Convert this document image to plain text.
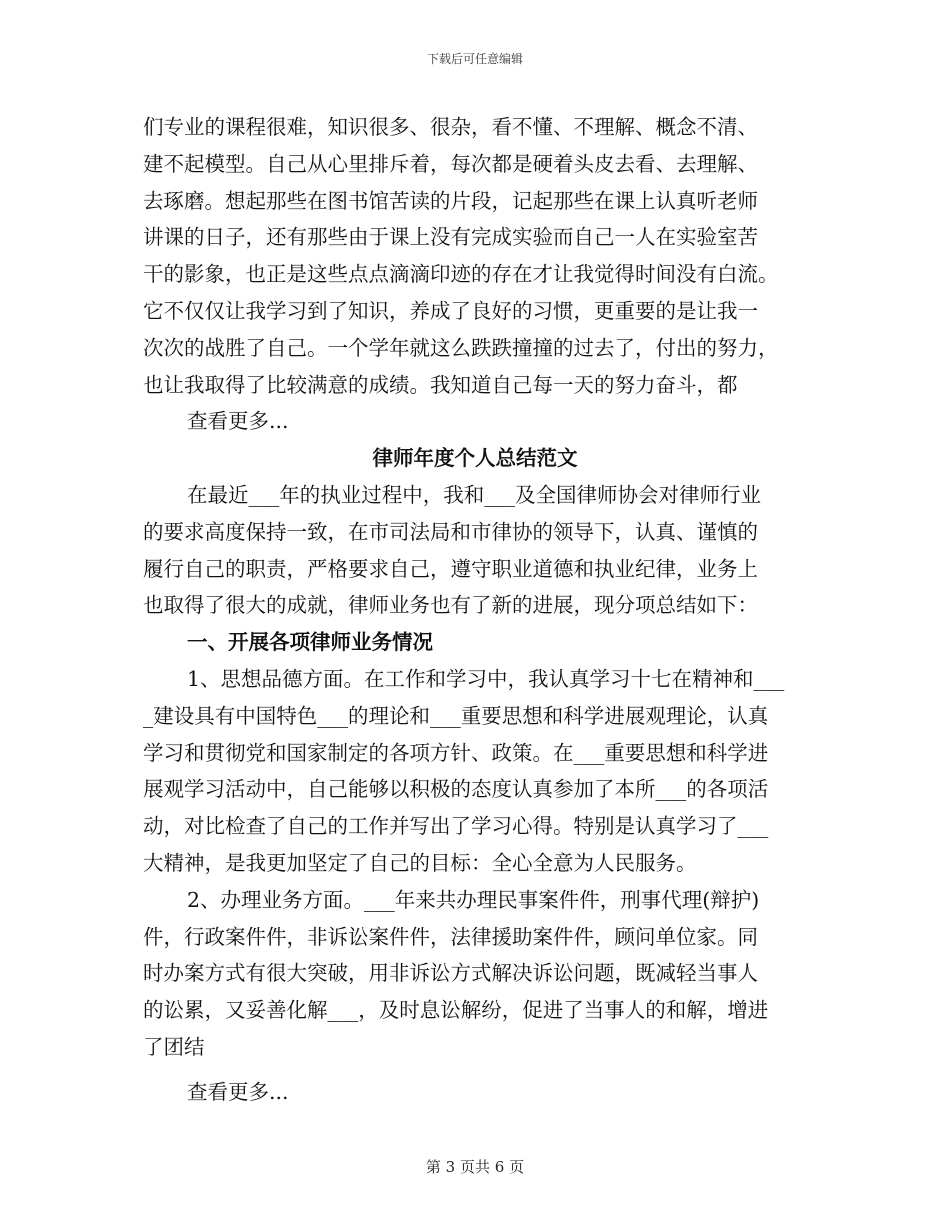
下载后可任意编辑
们专业的课程很难，知识很多、很杂，看不懂、不理解、概念不清、
建不起模型。自己从心里排斥着，每次都是硬着头皮去看、去理解、
去琢磨。想起那些在图书馆苦读的片段，记起那些在课上认真听老师
讲课的日子，还有那些由于课上没有完成实验而自己一人在实验室苦
干的影象，也正是这些点点滴滴印迹的存在才让我觉得时间没有白流。
它不仅仅让我学习到了知识，养成了良好的习惯，更重要的是让我一
次次的战胜了自己。一个学年就这么跌跌撞撞的过去了，付出的努力，
也让我取得了比较满意的成绩。我知道自己每一天的努力奋斗，都
查看更多...
律师年度个人总结范文
在最近___年的执业过程中，我和___及全国律师协会对律师行业
的要求高度保持一致，在市司法局和市律协的领导下，认真、谨慎的
履行自己的职责，严格要求自己，遵守职业道德和执业纪律，业务上
也取得了很大的成就，律师业务也有了新的进展，现分项总结如下：
一、开展各项律师业务情况
1、思想品德方面。在工作和学习中，我认真学习十七在精神和___
_建设具有中国特色___的理论和___重要思想和科学进展观理论，认真
学习和贯彻党和国家制定的各项方针、政策。在___重要思想和科学进
展观学习活动中，自己能够以积极的态度认真参加了本所___的各项活
动，对比检查了自己的工作并写出了学习心得。特别是认真学习了___
大精神，是我更加坚定了自己的目标：全心全意为人民服务。
2、办理业务方面。___年来共办理民事案件件，刑事代理(辩护)
件，行政案件件，非诉讼案件件，法律援助案件件，顾问单位家。同
时办案方式有很大突破，用非诉讼方式解决诉讼问题，既减轻当事人
的讼累，又妥善化解___，及时息讼解纷，促进了当事人的和解，增进
了团结
查看更多...
第 3 页共 6 页
